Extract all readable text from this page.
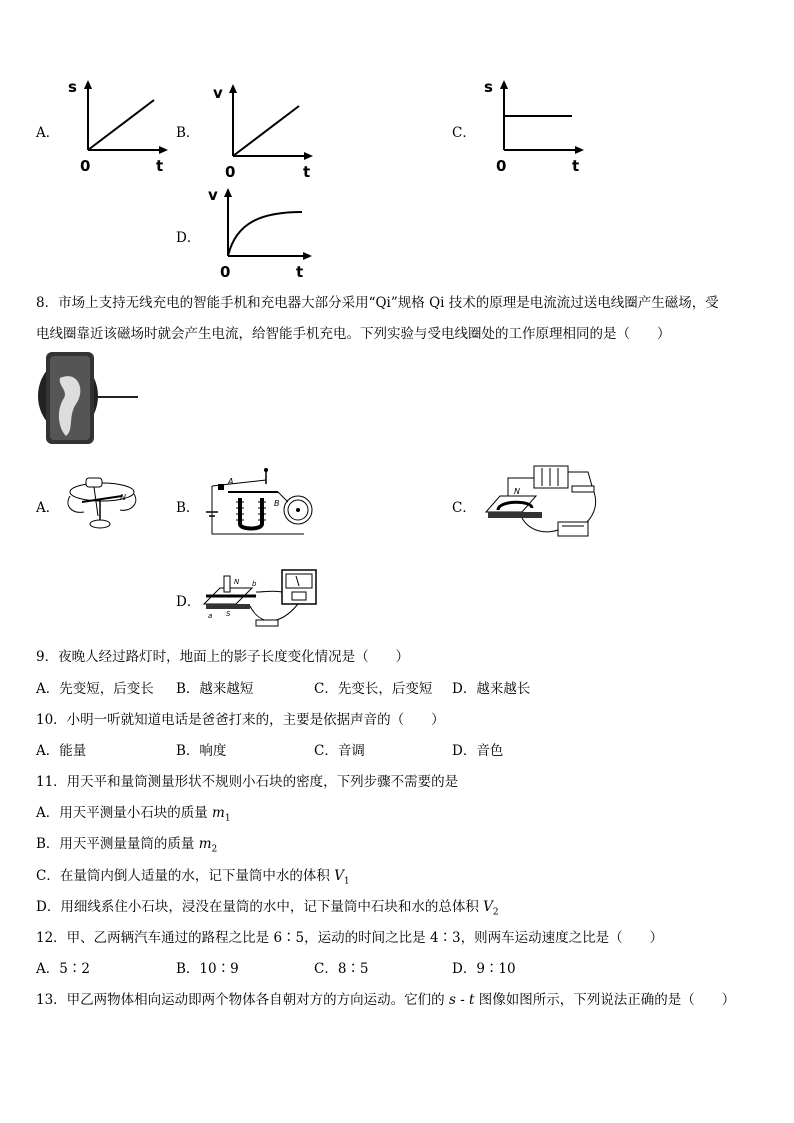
A．
s
0	t
B．
v
0	t
C．
s
0	t
D．
v
0	t
8．市场上支持无线充电的智能手机和充电器大部分采用“Qi”规格 Qi 技术的原理是电流流过送电线圈产生磁场，受
电线圈靠近该磁场时就会产生电流，给智能手机充电。下列实验与受电线圈处的工作原理相同的是（　　）
A．
N
B．
A
B	C．
N
D．
N b
a S
9．夜晚人经过路灯时，地面上的影子长度变化情况是（　　）
A．先变短，后变长 B．越来越短	C．先变长，后变短 D．越来越长
10．小明一听就知道电话是爸爸打来的，主要是依据声音的（　　）
A．能量	B．响度	C．音调	D．音色
11．用天平和量筒测量形状不规则小石块的密度，下列步骤不需要的是
A．用天平测量小石块的质量 $m_1$
B．用天平测量量筒的质量 $m_2$
C．在量筒内倒人适量的水，记下量筒中水的体积 $V_1$
D．用细线系住小石块，浸没在量筒的水中，记下量筒中石块和水的总体积 $V_2$
12．甲、乙两辆汽车通过的路程之比是 6∶5，运动的时间之比是 4∶3，则两车运动速度之比是（　　）
A．5∶2	B．10∶9	C．8∶5	D．9∶10
13．甲乙两物体相向运动即两个物体各自朝对方的方向运动。它们的 s - t 图像如图所示，下列说法正确的是（　　）
